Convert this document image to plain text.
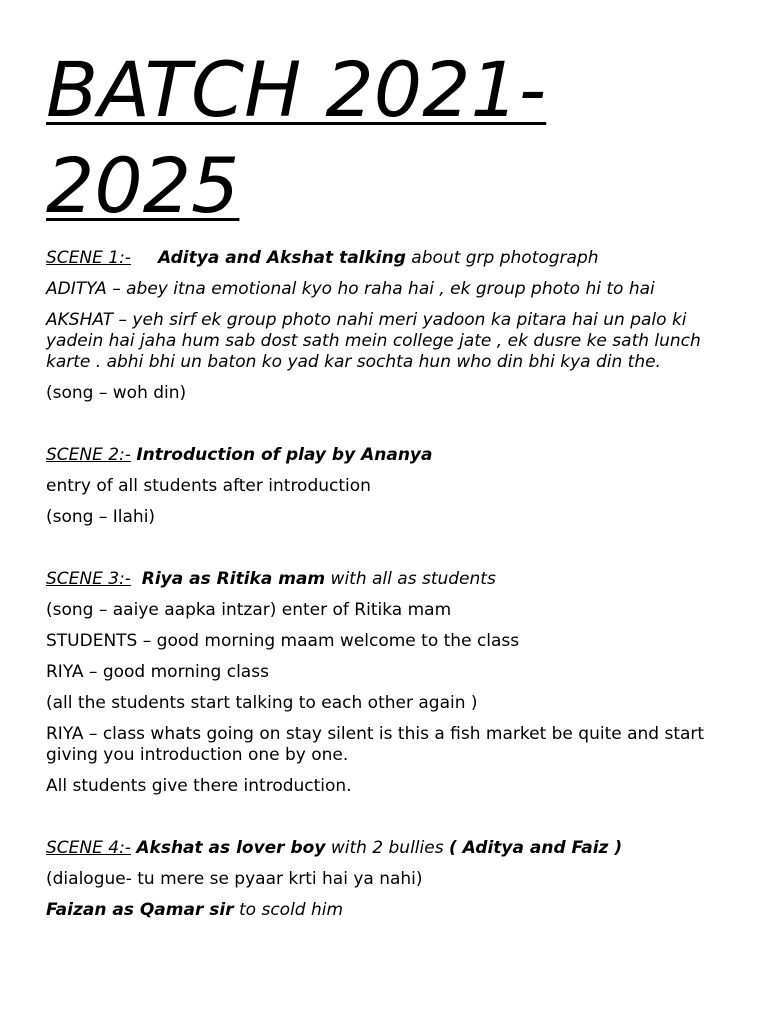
BATCH 2021-2025
SCENE 1:- Aditya and Akshat talking about grp photograph
ADITYA – abey itna emotional kyo ho raha hai , ek group photo hi to hai
AKSHAT – yeh sirf ek group photo nahi meri yadoon ka pitara hai un palo ki yadein hai jaha hum sab dost sath mein college jate , ek dusre ke sath lunch karte . abhi bhi un baton ko yad kar sochta hun who din bhi kya din the.
(song – woh din)
SCENE 2:- Introduction of play by Ananya
entry of all students after introduction
(song – Ilahi)
SCENE 3:- Riya as Ritika mam with all as students
(song – aaiye aapka intzar) enter of Ritika mam
STUDENTS – good morning maam welcome to the class
RIYA – good morning class
(all the students start talking to each other again )
RIYA – class whats going on stay silent is this a fish market be quite and start giving you introduction one by one.
All students give there introduction.
SCENE 4:- Akshat as lover boy with 2 bullies ( Aditya and Faiz )
(dialogue- tu mere se pyaar krti hai ya nahi)
Faizan as Qamar sir to scold him
